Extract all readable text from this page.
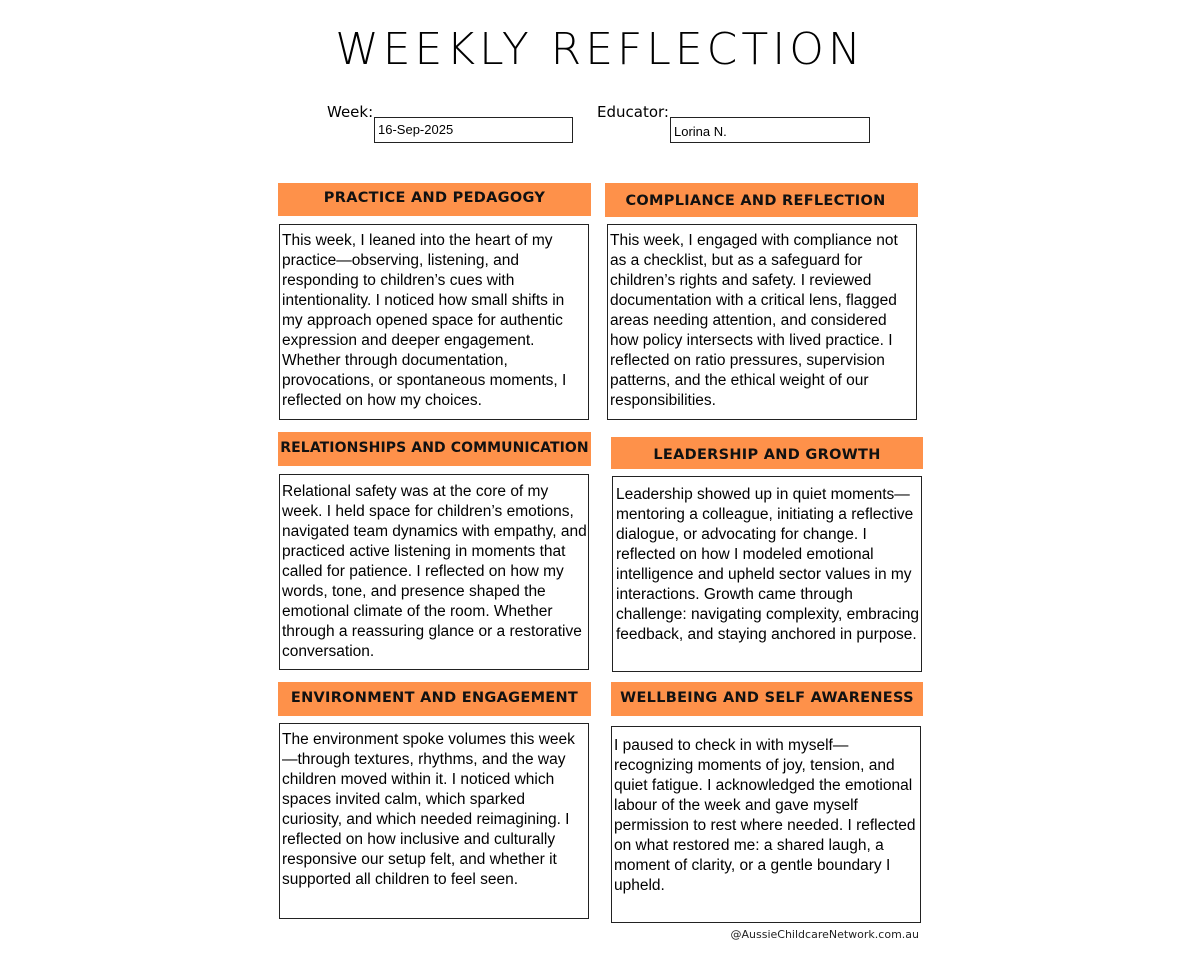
WEEKLY REFLECTION
Week:
16-Sep-2025
Educator:
Lorina N.
PRACTICE AND PEDAGOGY
This week, I leaned into the heart of my practice—observing, listening, and responding to children’s cues with intentionality. I noticed how small shifts in my approach opened space for authentic expression and deeper engagement. Whether through documentation, provocations, or spontaneous moments, I reflected on how my choices.
COMPLIANCE AND REFLECTION
This week, I engaged with compliance not as a checklist, but as a safeguard for children’s rights and safety. I reviewed documentation with a critical lens, flagged areas needing attention, and considered how policy intersects with lived practice. I reflected on ratio pressures, supervision patterns, and the ethical weight of our responsibilities.
RELATIONSHIPS AND COMMUNICATION
Relational safety was at the core of my week. I held space for children’s emotions, navigated team dynamics with empathy, and practiced active listening in moments that called for patience. I reflected on how my words, tone, and presence shaped the emotional climate of the room. Whether through a reassuring glance or a restorative conversation.
LEADERSHIP AND GROWTH
Leadership showed up in quiet moments—mentoring a colleague, initiating a reflective dialogue, or advocating for change. I reflected on how I modeled emotional intelligence and upheld sector values in my interactions. Growth came through challenge: navigating complexity, embracing feedback, and staying anchored in purpose.
ENVIRONMENT AND ENGAGEMENT
The environment spoke volumes this week—through textures, rhythms, and the way children moved within it. I noticed which spaces invited calm, which sparked curiosity, and which needed reimagining. I reflected on how inclusive and culturally responsive our setup felt, and whether it supported all children to feel seen.
WELLBEING AND SELF AWARENESS
I paused to check in with myself—recognizing moments of joy, tension, and quiet fatigue. I acknowledged the emotional labour of the week and gave myself permission to rest where needed. I reflected on what restored me: a shared laugh, a moment of clarity, or a gentle boundary I upheld.
@AussieChildcareNetwork.com.au
